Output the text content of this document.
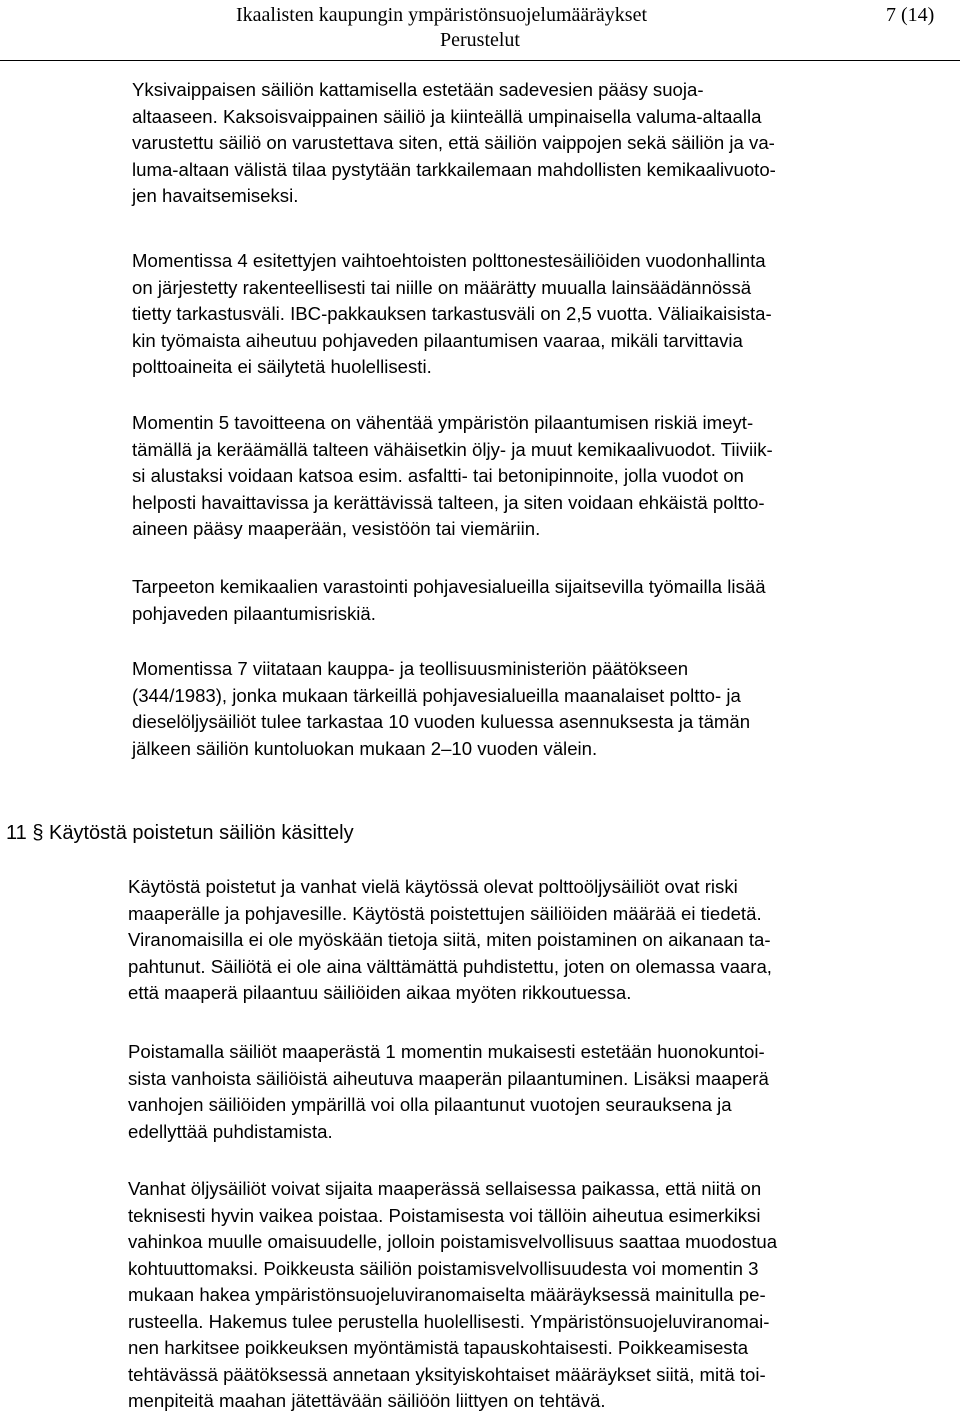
Ikaalisten kaupungin ympäristönsuojelumääräykset	7 (14)
Perustelut
Yksivaippaisen säiliön kattamisella estetään sadevesien pääsy suoja-
altaaseen. Kaksoisvaippainen säiliö ja kiinteällä umpinaisella valuma-altaalla
varustettu säiliö on varustettava siten, että säiliön vaippojen sekä säiliön ja va-
luma-altaan välistä tilaa pystytään tarkkailemaan mahdollisten kemikaalivuoto-
jen havaitsemiseksi.
Momentissa 4 esitettyjen vaihtoehtoisten polttonestesäiliöiden vuodonhallinta
on järjestetty rakenteellisesti tai niille on määrätty muualla lainsäädännössä
tietty tarkastusväli. IBC-pakkauksen tarkastusväli on 2,5 vuotta. Väliaikaisista-
kin työmaista aiheutuu pohjaveden pilaantumisen vaaraa, mikäli tarvittavia
polttoaineita ei säilytetä huolellisesti.
Momentin 5 tavoitteena on vähentää ympäristön pilaantumisen riskiä imeyt-
tämällä ja keräämällä talteen vähäisetkin öljy- ja muut kemikaalivuodot. Tiiviik-
si alustaksi voidaan katsoa esim. asfaltti- tai betonipinnoite, jolla vuodot on
helposti havaittavissa ja kerättävissä talteen, ja siten voidaan ehkäistä poltto-
aineen pääsy maaperään, vesistöön tai viemäriin.
Tarpeeton kemikaalien varastointi pohjavesialueilla sijaitsevilla työmailla lisää
pohjaveden pilaantumisriskiä.
Momentissa 7 viitataan kauppa- ja teollisuusministeriön päätökseen
(344/1983), jonka mukaan tärkeillä pohjavesialueilla maanalaiset poltto- ja
dieselöljysäiliöt tulee tarkastaa 10 vuoden kuluessa asennuksesta ja tämän
jälkeen säiliön kuntoluokan mukaan 2–10 vuoden välein.
11 § Käytöstä poistetun säiliön käsittely
Käytöstä poistetut ja vanhat vielä käytössä olevat polttoöljysäiliöt ovat riski
maaperälle ja pohjavesille. Käytöstä poistettujen säiliöiden määrää ei tiedetä.
Viranomaisilla ei ole myöskään tietoja siitä, miten poistaminen on aikanaan ta-
pahtunut. Säiliötä ei ole aina välttämättä puhdistettu, joten on olemassa vaara,
että maaperä pilaantuu säiliöiden aikaa myöten rikkoutuessa.
Poistamalla säiliöt maaperästä 1 momentin mukaisesti estetään huonokuntoi-
sista vanhoista säiliöistä aiheutuva maaperän pilaantuminen. Lisäksi maaperä
vanhojen säiliöiden ympärillä voi olla pilaantunut vuotojen seurauksena ja
edellyttää puhdistamista.
Vanhat öljysäiliöt voivat sijaita maaperässä sellaisessa paikassa, että niitä on
teknisesti hyvin vaikea poistaa. Poistamisesta voi tällöin aiheutua esimerkiksi
vahinkoa muulle omaisuudelle, jolloin poistamisvelvollisuus saattaa muodostua
kohtuuttomaksi. Poikkeusta säiliön poistamisvelvollisuudesta voi momentin 3
mukaan hakea ympäristönsuojeluviranomaiselta määräyksessä mainitulla pe-
rusteella. Hakemus tulee perustella huolellisesti. Ympäristönsuojeluviranomai-
nen harkitsee poikkeuksen myöntämistä tapauskohtaisesti. Poikkeamisesta
tehtävässä päätöksessä annetaan yksityiskohtaiset määräykset siitä, mitä toi-
menpiteitä maahan jätettävään säiliöön liittyen on tehtävä.
